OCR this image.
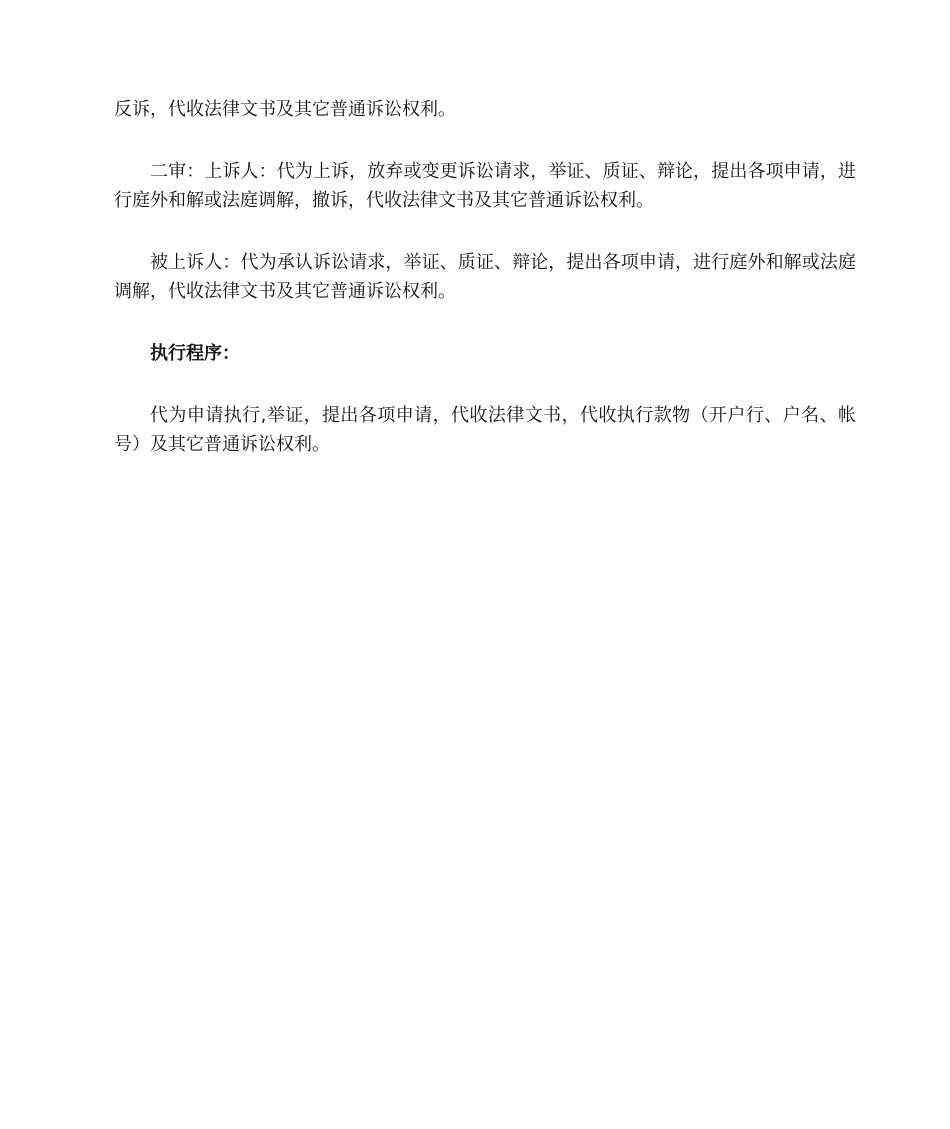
反诉，代收法律文书及其它普通诉讼权利。

二审：上诉人：代为上诉，放弃或变更诉讼请求，举证、质证、辩论，提出各项申请，进行庭外和解或法庭调解，撤诉，代收法律文书及其它普通诉讼权利。

被上诉人：代为承认诉讼请求，举证、质证、辩论，提出各项申请，进行庭外和解或法庭调解，代收法律文书及其它普通诉讼权利。

执行程序：

代为申请执行,举证，提出各项申请，代收法律文书，代收执行款物（开户行、户名、帐号）及其它普通诉讼权利。
